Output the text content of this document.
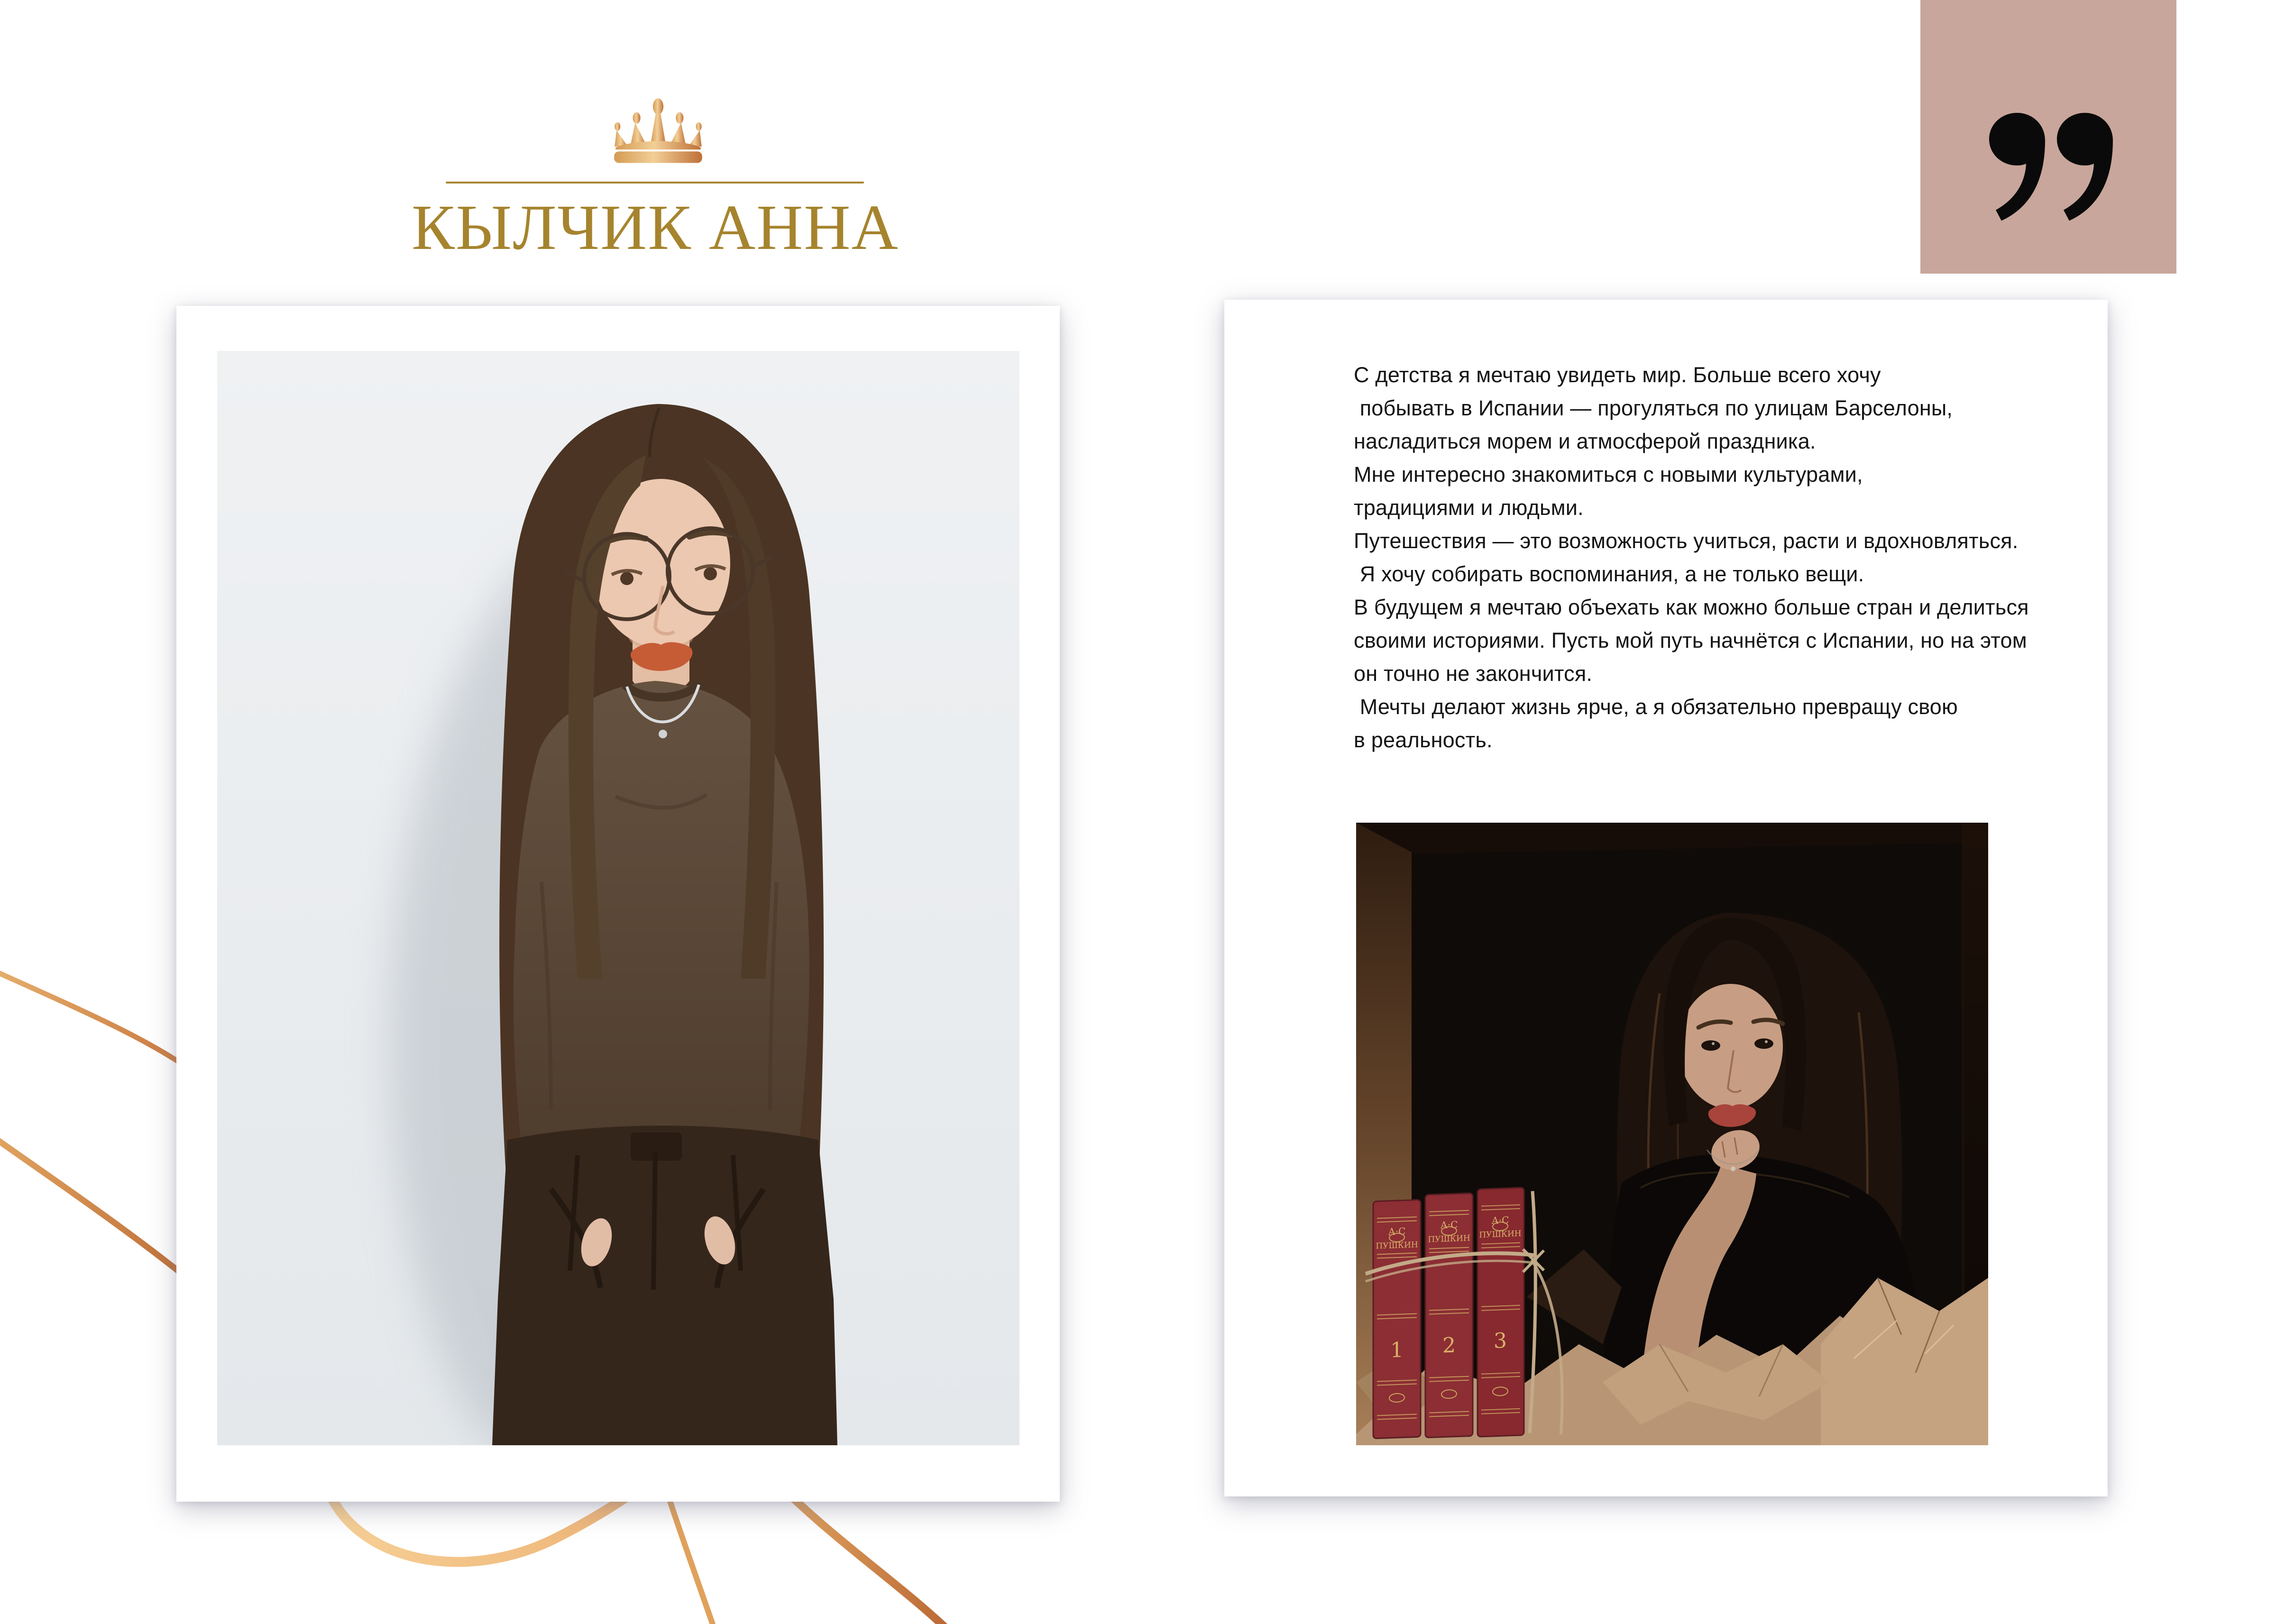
КЫЛЧИК АННА
С детства я мечтаю увидеть мир. Больше всего хочу
побывать в Испании — прогуляться по улицам Барселоны,
насладиться морем и атмосферой праздника.
Мне интересно знакомиться с новыми культурами,
традициями и людьми.
Путешествия — это возможность учиться, расти и вдохновляться.
Я хочу собирать воспоминания, а не только вещи.
В будущем я мечтаю объехать как можно больше стран и делиться
своими историями. Пусть мой путь начнётся с Испании, но на этом
он точно не закончится.
Мечты делают жизнь ярче, а я обязательно превращу свою
в реальность.
А·С
ПУШКИН
1
А·С
ПУШКИН
2
А·С
ПУШКИН
3
